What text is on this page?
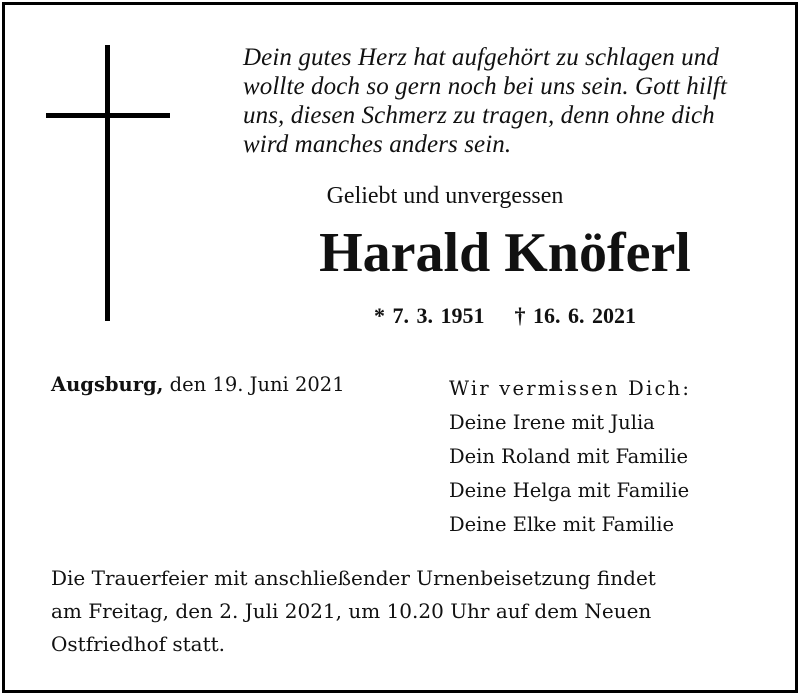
Dein gutes Herz hat aufgehört zu schlagen und
wollte doch so gern noch bei uns sein. Gott hilft
uns, diesen Schmerz zu tragen, denn ohne dich
wird manches anders sein.
Geliebt und unvergessen
Harald Knöferl
* 7. 3. 1951 † 16. 6. 2021
Augsburg, den 19. Juni 2021	Wir vermissen Dich:
Deine Irene mit Julia
Dein Roland mit Familie
Deine Helga mit Familie
Deine Elke mit Familie
Die Trauerfeier mit anschließender Urnenbeisetzung findet
am Freitag, den 2. Juli 2021, um 10.20 Uhr auf dem Neuen
Ostfriedhof statt.
